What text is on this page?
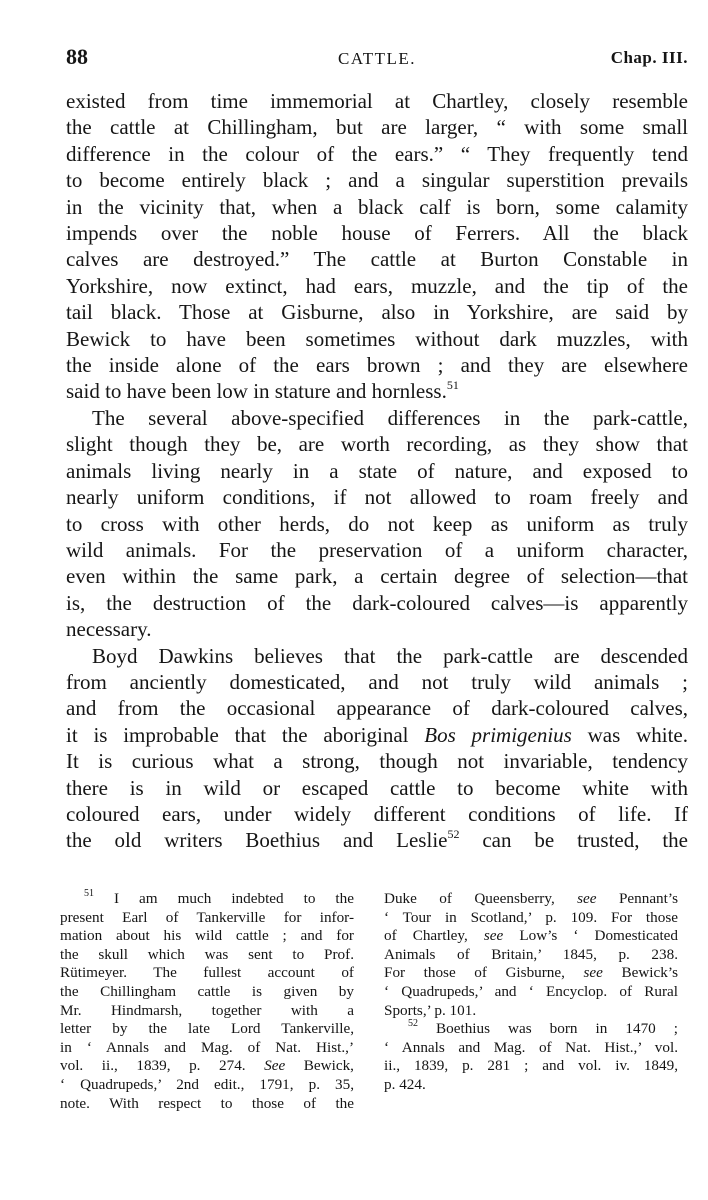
88	CATTLE.	Chap. III.
existed from time immemorial at Chartley, closely resemble
the cattle at Chillingham, but are larger, “ with some small
difference in the colour of the ears.” “ They frequently tend
to become entirely black ; and a singular superstition prevails
in the vicinity that, when a black calf is born, some calamity
impends over the noble house of Ferrers. All the black
calves are destroyed.” The cattle at Burton Constable in
Yorkshire, now extinct, had ears, muzzle, and the tip of the
tail black. Those at Gisburne, also in Yorkshire, are said by
Bewick to have been sometimes without dark muzzles, with
the inside alone of the ears brown ; and they are elsewhere
said to have been low in stature and hornless.$^{51}$
The several above-specified differences in the park-cattle,
slight though they be, are worth recording, as they show that
animals living nearly in a state of nature, and exposed to
nearly uniform conditions, if not allowed to roam freely and
to cross with other herds, do not keep as uniform as truly
wild animals. For the preservation of a uniform character,
even within the same park, a certain degree of selection—that
is, the destruction of the dark-coloured calves—is apparently
necessary.
Boyd Dawkins believes that the park-cattle are descended
from anciently domesticated, and not truly wild animals ;
and from the occasional appearance of dark-coloured calves,
it is improbable that the aboriginal Bos primigenius was white.
It is curious what a strong, though not invariable, tendency
there is in wild or escaped cattle to become white with
coloured ears, under widely different conditions of life. If
the old writers Boethius and Leslie$^{52}$ can be trusted, the
$^{51}$ I am much indebted to the
present Earl of Tankerville for infor-
mation about his wild cattle ; and for
the skull which was sent to Prof.
Rütimeyer. The fullest account of
the Chillingham cattle is given by
Mr. Hindmarsh, together with a
letter by the late Lord Tankerville,
in ‘ Annals and Mag. of Nat. Hist.,’
vol. ii., 1839, p. 274. See Bewick,
‘ Quadrupeds,’ 2nd edit., 1791, p. 35,
note. With respect to those of the
Duke of Queensberry, see Pennant’s
‘ Tour in Scotland,’ p. 109. For those
of Chartley, see Low’s ‘ Domesticated
Animals of Britain,’ 1845, p. 238.
For those of Gisburne, see Bewick’s
‘ Quadrupeds,’ and ‘ Encyclop. of Rural
Sports,’ p. 101.
$^{52}$ Boethius was born in 1470 ;
‘ Annals and Mag. of Nat. Hist.,’ vol.
ii., 1839, p. 281 ; and vol. iv. 1849,
p. 424.
